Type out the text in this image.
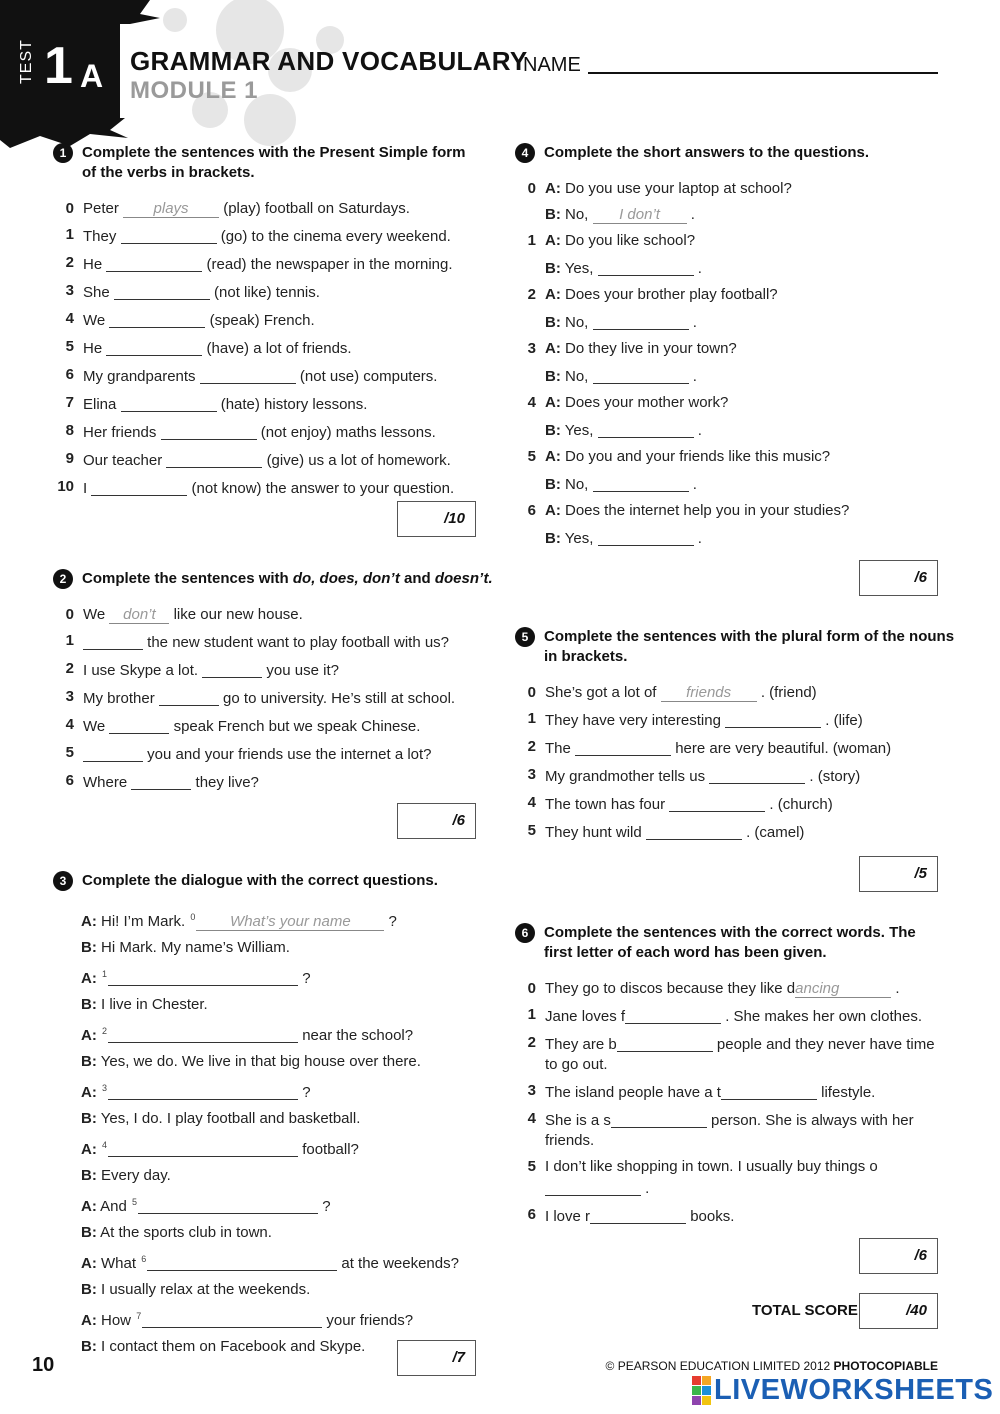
TEST 1 A GRAMMAR AND VOCABULARY
MODULE 1
NAME
1	Complete the sentences with the Present Simple form of the verbs in brackets.
0 Peter plays (play) football on Saturdays.
1 They	(go) to the cinema every weekend.
2 He	(read) the newspaper in the morning.
3 She	(not like) tennis.
4 We	(speak) French.
5 He	(have) a lot of friends.
6 My grandparents	(not use) computers.
7 Elina	(hate) history lessons.
8 Her friends	(not enjoy) maths lessons.
9 Our teacher	(give) us a lot of homework.
10 I	(not know) the answer to your question.
/10
2	Complete the sentences with do, does, don’t and doesn’t.
0 We don’t like our new house.
1	the new student want to play football with us?
2 I use Skype a lot.	you use it?
3 My brother	go to university. He’s still at school.
4 We	speak French but we speak Chinese.
5	you and your friends use the internet a lot?
6 Where	they live?
/6
3	Complete the dialogue with the correct questions.
A: Hi! I’m Mark. $^0$ What’s your name	?
B: Hi Mark. My name’s William.
A: $^1$	?
B: I live in Chester.
A: $^2$	near the school?
B: Yes, we do. We live in that big house over there.
A: $^3$	?
B: Yes, I do. I play football and basketball.
A: $^4$	football?
B: Every day.
A: And $^5$	?
B: At the sports club in town.
A: What $^6$	at the weekends?
B: I usually relax at the weekends.
A: How $^7$	your friends?
B: I contact them on Facebook and Skype.
/7
4	Complete the short answers to the questions.
0 A: Do you use your laptop at school?
B: No, I don’t .
1 A: Do you like school?
B: Yes,	.
2 A: Does your brother play football?
B: No,	.
3 A: Do they live in your town?
B: No,	.
4 A: Does your mother work?
B: Yes,	.
5 A: Do you and your friends like this music?
B: No,	.
6 A: Does the internet help you in your studies?
B: Yes,	.
/6
5	Complete the sentences with the plural form of the nouns in brackets.
0 She’s got a lot of friends . (friend)
1 They have very interesting	. (life)
2 The	here are very beautiful. (woman)
3 My grandmother tells us	. (story)
4 The town has four	. (church)
5 They hunt wild	. (camel)
/5
6	Complete the sentences with the correct words. The first letter of each word has been given.
0 They go to discos because they like dancing	.
1 Jane loves f	. She makes her own clothes.
2 They are b	people and they never have time to go out.
3 The island people have a t	lifestyle.
4 She is a s	person. She is always with her friends.
5 I don’t like shopping in town. I usually buy things o .
6 I love r	books.
/6
TOTAL SCORE	/40
10	© PEARSON EDUCATION LIMITED 2012 PHOTOCOPIABLE
LIVEWORKSHEETS
